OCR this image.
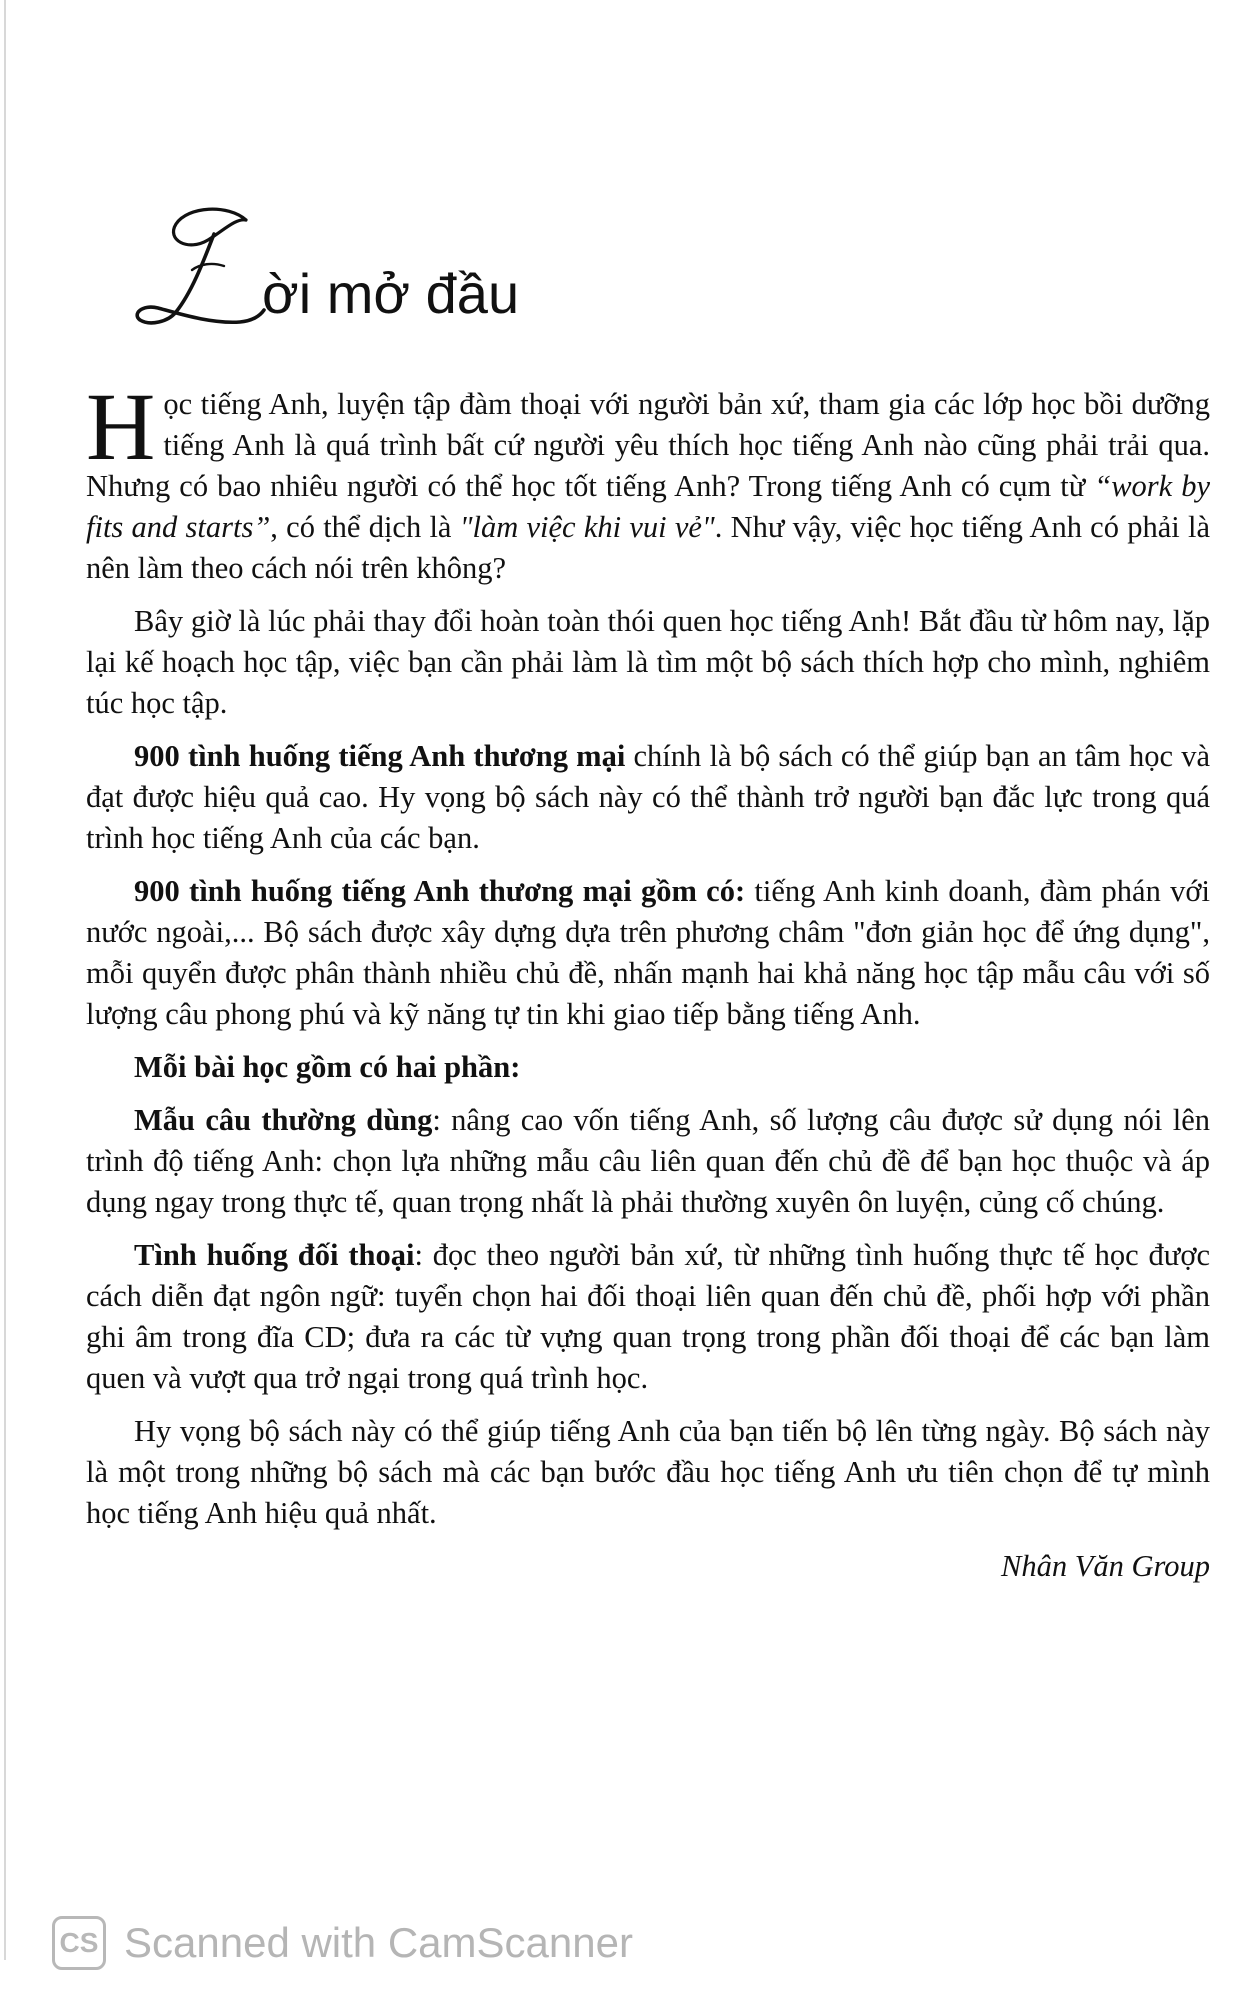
ời mở đầu

Học tiếng Anh, luyện tập đàm thoại với người bản xứ, tham gia các lớp học bồi dưỡng tiếng Anh là quá trình bất cứ người yêu thích học tiếng Anh nào cũng phải trải qua. Nhưng có bao nhiêu người có thể học tốt tiếng Anh? Trong tiếng Anh có cụm từ “work by fits and starts”, có thể dịch là "làm việc khi vui vẻ". Như vậy, việc học tiếng Anh có phải là nên làm theo cách nói trên không?

Bây giờ là lúc phải thay đổi hoàn toàn thói quen học tiếng Anh! Bắt đầu từ hôm nay, lặp lại kế hoạch học tập, việc bạn cần phải làm là tìm một bộ sách thích hợp cho mình, nghiêm túc học tập.

900 tình huống tiếng Anh thương mại chính là bộ sách có thể giúp bạn an tâm học và đạt được hiệu quả cao. Hy vọng bộ sách này có thể thành trở người bạn đắc lực trong quá trình học tiếng Anh của các bạn.

900 tình huống tiếng Anh thương mại gồm có: tiếng Anh kinh doanh, đàm phán với nước ngoài,... Bộ sách được xây dựng dựa trên phương châm "đơn giản học để ứng dụng", mỗi quyển được phân thành nhiều chủ đề, nhấn mạnh hai khả năng học tập mẫu câu với số lượng câu phong phú và kỹ năng tự tin khi giao tiếp bằng tiếng Anh.

Mỗi bài học gồm có hai phần:

Mẫu câu thường dùng: nâng cao vốn tiếng Anh, số lượng câu được sử dụng nói lên trình độ tiếng Anh: chọn lựa những mẫu câu liên quan đến chủ đề để bạn học thuộc và áp dụng ngay trong thực tế, quan trọng nhất là phải thường xuyên ôn luyện, củng cố chúng.

Tình huống đối thoại: đọc theo người bản xứ, từ những tình huống thực tế học được cách diễn đạt ngôn ngữ: tuyển chọn hai đối thoại liên quan đến chủ đề, phối hợp với phần ghi âm trong đĩa CD; đưa ra các từ vựng quan trọng trong phần đối thoại để các bạn làm quen và vượt qua trở ngại trong quá trình học.

Hy vọng bộ sách này có thể giúp tiếng Anh của bạn tiến bộ lên từng ngày. Bộ sách này là một trong những bộ sách mà các bạn bước đầu học tiếng Anh ưu tiên chọn để tự mình học tiếng Anh hiệu quả nhất.

Nhân Văn Group
CS Scanned with CamScanner
